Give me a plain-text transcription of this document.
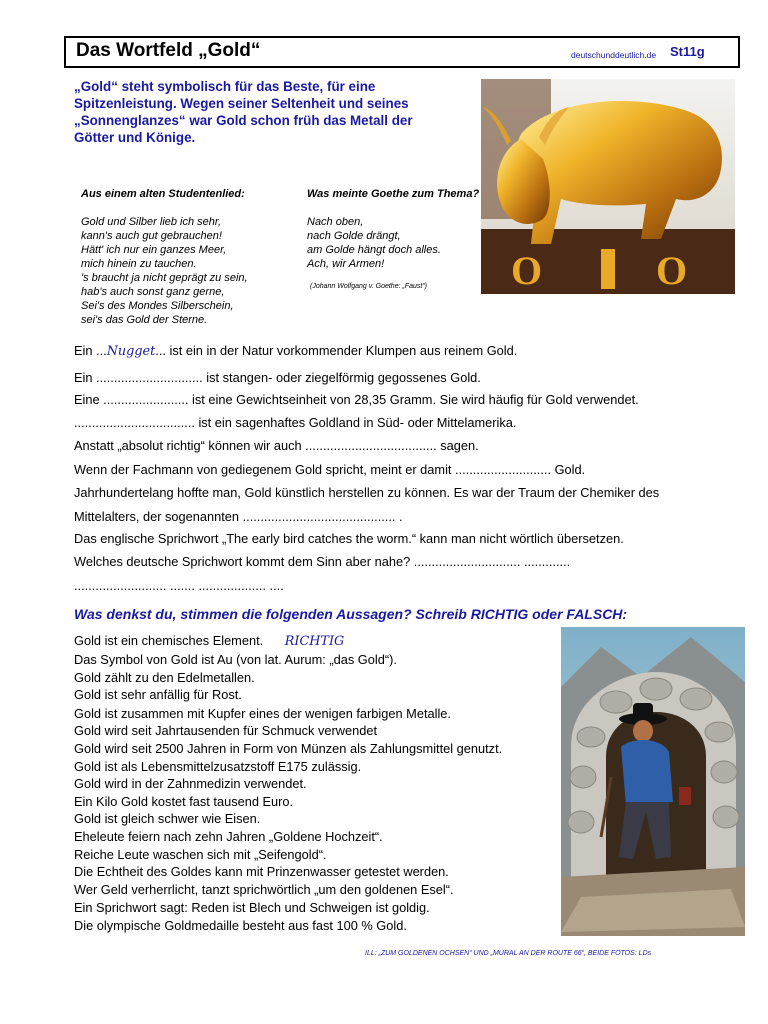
Das Wortfeld „Gold“	deutschunddeutlich.de St11g
„Gold“ steht symbolisch für das Beste, für eine Spitzenleistung. Wegen seiner Seltenheit und seines „Sonnenglanzes“ war Gold schon früh das Metall der Götter und Könige.
O	O
Aus einem alten Studentenlied:
Gold und Silber lieb ich sehr,
kann's auch gut gebrauchen!
Hätt' ich nur ein ganzes Meer,
mich hinein zu tauchen.
's braucht ja nicht geprägt zu sein,
hab's auch sonst ganz gerne,
Sei's des Mondes Silberschein,
sei's das Gold der Sterne.
Was meinte Goethe zum Thema?
Nach oben,
nach Golde drängt,
am Golde hängt doch alles.
Ach, wir Armen!
(Johann Wolfgang v. Goethe: „Faust“)
Ein ...Nugget... ist ein in der Natur vorkommender Klumpen aus reinem Gold.
Ein .............................. ist stangen- oder ziegelförmig gegossenes Gold.
Eine ........................ ist eine Gewichtseinheit von 28,35 Gramm. Sie wird häufig für Gold verwendet.
.................................. ist ein sagenhaftes Goldland in Süd- oder Mittelamerika.
Anstatt „absolut richtig“ können wir auch ..................................... sagen.
Wenn der Fachmann von gediegenem Gold spricht, meint er damit ........................... Gold.
Jahrhundertelang hoffte man, Gold künstlich herstellen zu können. Es war der Traum der Chemiker des
Mittelalters, der sogenannten ........................................... .
Das englische Sprichwort „The early bird catches the worm.“ kann man nicht wörtlich übersetzen.
Welches deutsche Sprichwort kommt dem Sinn aber nahe? .............................. .............
.......................... ....... ................... ....
Was denkst du, stimmen die folgenden Aussagen? Schreib RICHTIG oder FALSCH:
Gold ist ein chemisches Element. RICHTIG
Das Symbol von Gold ist Au (von lat. Aurum: „das Gold“).
Gold zählt zu den Edelmetallen.
Gold ist sehr anfällig für Rost.
Gold ist zusammen mit Kupfer eines der wenigen farbigen Metalle.
Gold wird seit Jahrtausenden für Schmuck verwendet
Gold wird seit 2500 Jahren in Form von Münzen als Zahlungsmittel genutzt.
Gold ist als Lebensmittelzusatzstoff E175 zulässig.
Gold wird in der Zahnmedizin verwendet.
Ein Kilo Gold kostet fast tausend Euro.
Gold ist gleich schwer wie Eisen.
Eheleute feiern nach zehn Jahren „Goldene Hochzeit“.
Reiche Leute waschen sich mit „Seifengold“.
Die Echtheit des Goldes kann mit Prinzenwasser getestet werden.
Wer Geld verherrlicht, tanzt sprichwörtlich „um den goldenen Esel“.
Ein Sprichwort sagt: Reden ist Blech und Schweigen ist goldig.
Die olympische Goldmedaille besteht aus fast 100 % Gold.
ILL: „ZUM GOLDENEN OCHSEN“ UND „MURAL AN DER ROUTE 66“, BEIDE FOTOS: LDs
